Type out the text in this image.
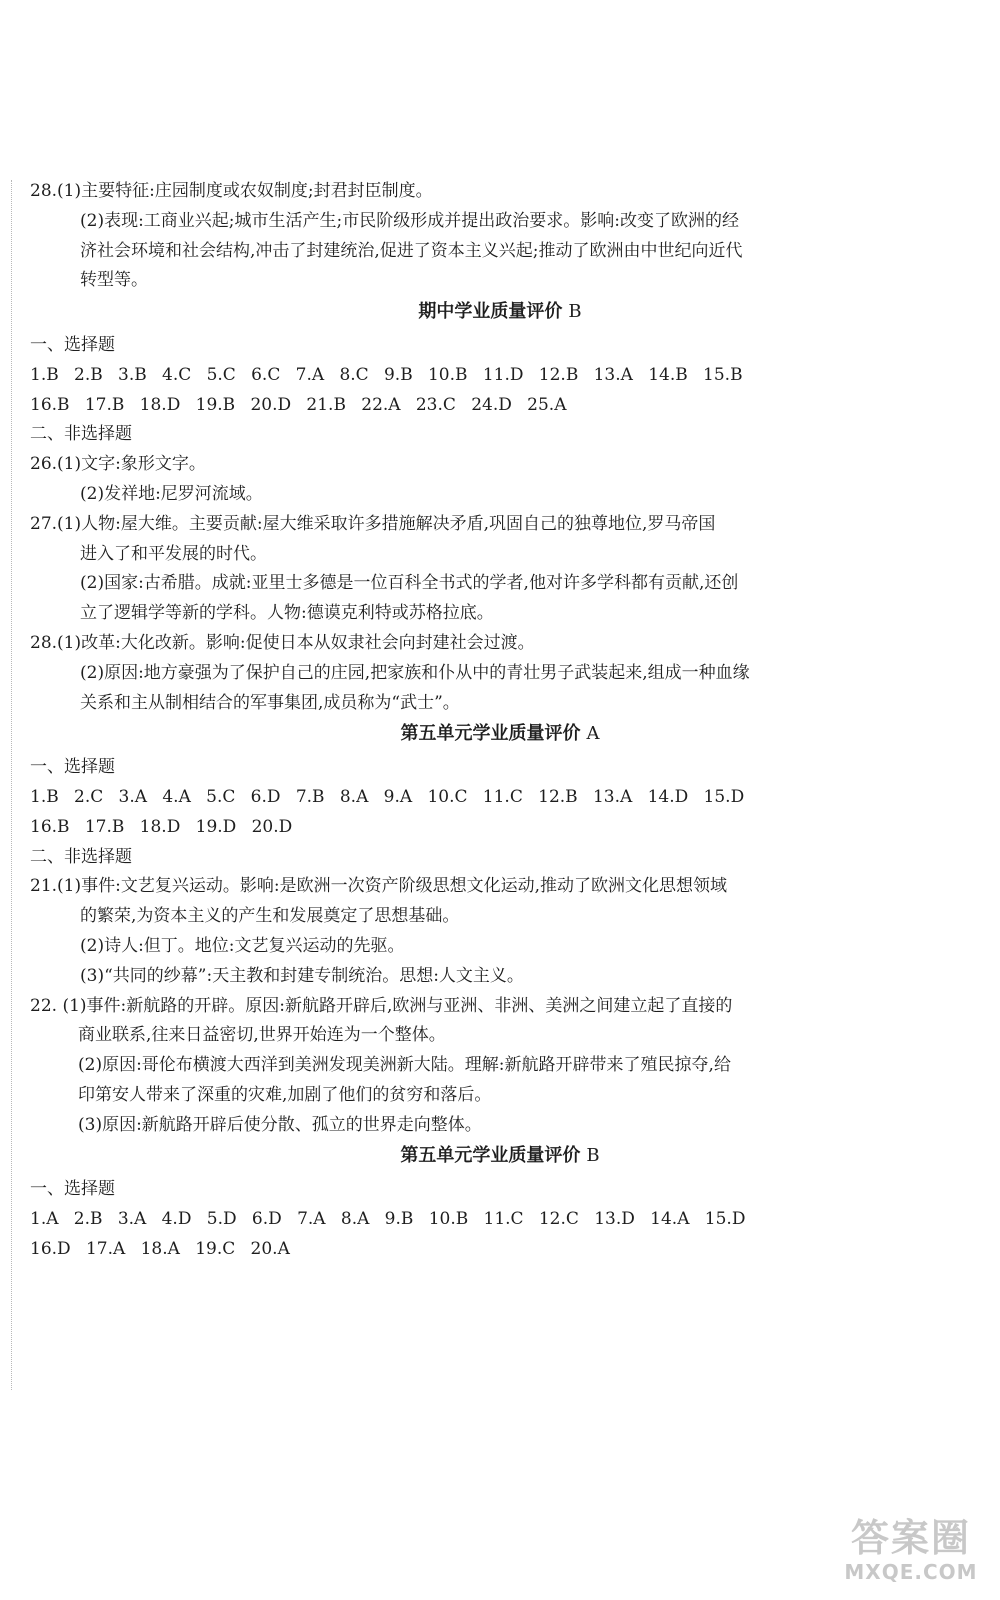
28.(1)主要特征:庄园制度或农奴制度;封君封臣制度。
(2)表现:工商业兴起;城市生活产生;市民阶级形成并提出政治要求。影响:改变了欧洲的经
济社会环境和社会结构,冲击了封建统治,促进了资本主义兴起;推动了欧洲由中世纪向近代
转型等。
期中学业质量评价 B
一、选择题
1.B 2.B 3.B 4.C 5.C 6.C 7.A 8.C 9.B 10.B 11.D 12.B 13.A 14.B 15.B
16.B 17.B 18.D 19.B 20.D 21.B 22.A 23.C 24.D 25.A
二、非选择题
26.(1)文字:象形文字。
(2)发祥地:尼罗河流域。
27.(1)人物:屋大维。主要贡献:屋大维采取许多措施解决矛盾,巩固自己的独尊地位,罗马帝国
进入了和平发展的时代。
(2)国家:古希腊。成就:亚里士多德是一位百科全书式的学者,他对许多学科都有贡献,还创
立了逻辑学等新的学科。人物:德谟克利特或苏格拉底。
28.(1)改革:大化改新。影响:促使日本从奴隶社会向封建社会过渡。
(2)原因:地方豪强为了保护自己的庄园,把家族和仆从中的青壮男子武装起来,组成一种血缘
关系和主从制相结合的军事集团,成员称为“武士”。
第五单元学业质量评价 A
一、选择题
1.B 2.C 3.A 4.A 5.C 6.D 7.B 8.A 9.A 10.C 11.C 12.B 13.A 14.D 15.D
16.B 17.B 18.D 19.D 20.D
二、非选择题
21.(1)事件:文艺复兴运动。影响:是欧洲一次资产阶级思想文化运动,推动了欧洲文化思想领域
的繁荣,为资本主义的产生和发展奠定了思想基础。
(2)诗人:但丁。地位:文艺复兴运动的先驱。
(3)“共同的纱幕”:天主教和封建专制统治。思想:人文主义。
22. (1)事件:新航路的开辟。原因:新航路开辟后,欧洲与亚洲、非洲、美洲之间建立起了直接的
商业联系,往来日益密切,世界开始连为一个整体。
(2)原因:哥伦布横渡大西洋到美洲发现美洲新大陆。理解:新航路开辟带来了殖民掠夺,给
印第安人带来了深重的灾难,加剧了他们的贫穷和落后。
(3)原因:新航路开辟后使分散、孤立的世界走向整体。
第五单元学业质量评价 B
一、选择题
1.A 2.B 3.A 4.D 5.D 6.D 7.A 8.A 9.B 10.B 11.C 12.C 13.D 14.A 15.D
16.D 17.A 18.A 19.C 20.A
答案圈
MXQE.COM
